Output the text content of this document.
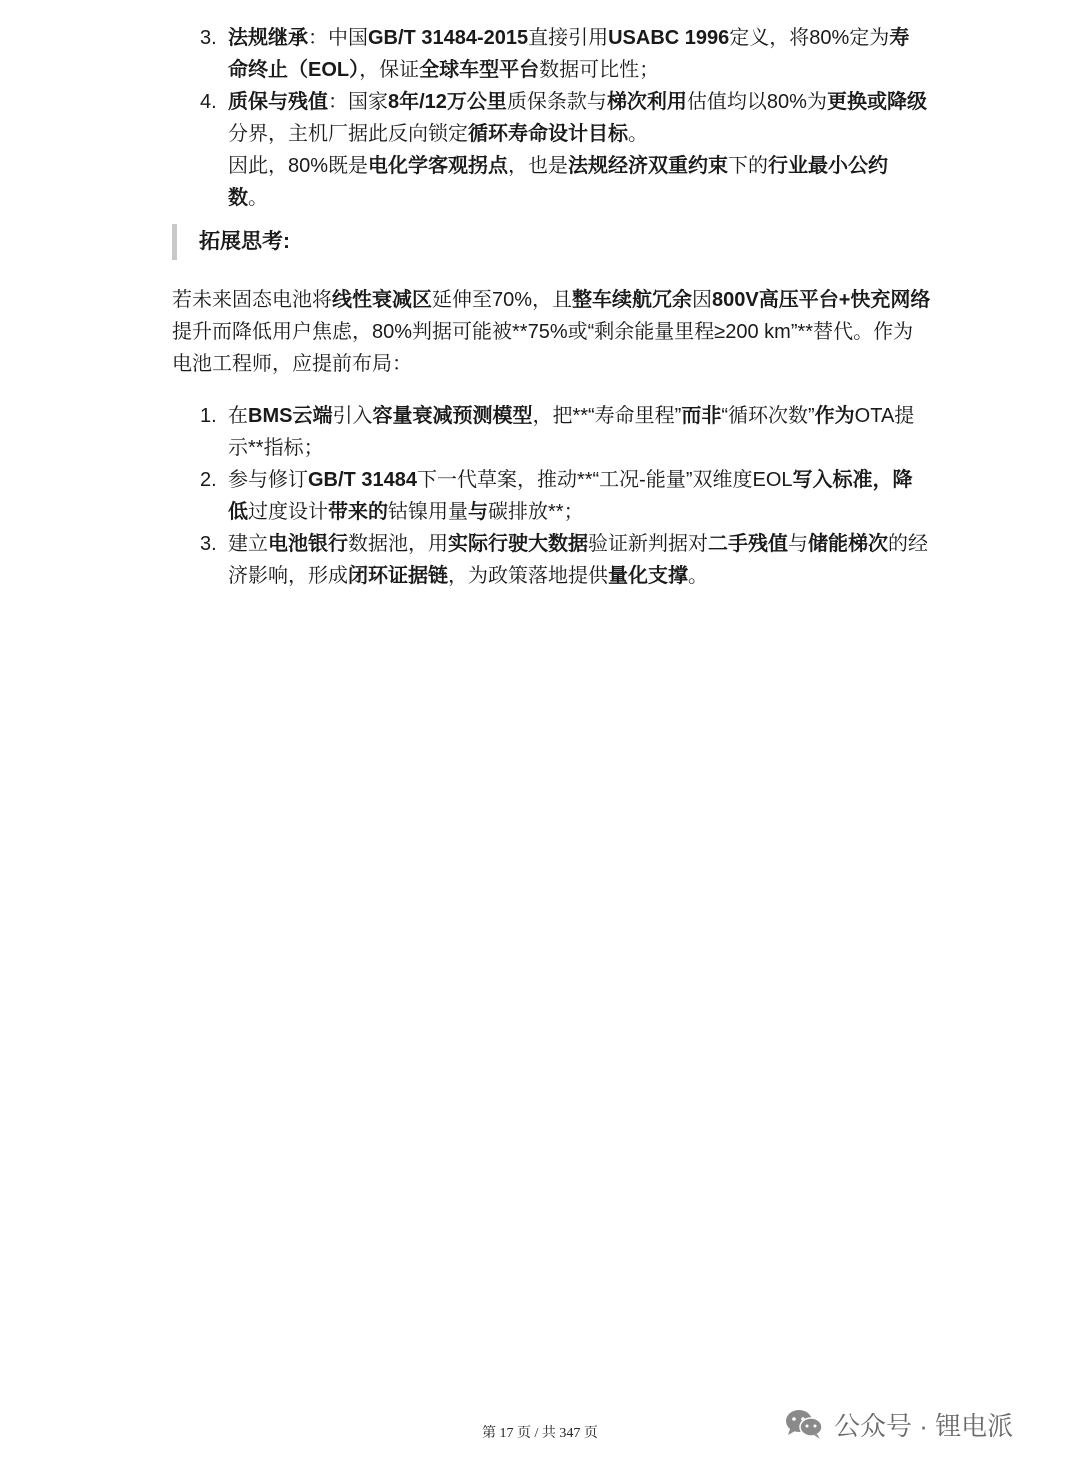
3. 法规继承：中国GB/T 31484-2015直接引用USABC 1996定义，将80%定为寿命终止（EOL），保证全球车型平台数据可比性；
4. 质保与残值：国家8年/12万公里质保条款与梯次利用估值均以80%为更换或降级分界，主机厂据此反向锁定循环寿命设计目标。
因此，80%既是电化学客观拐点，也是法规经济双重约束下的行业最小公约数。
拓展思考:

若未来固态电池将线性衰减区延伸至70%，且整车续航冗余因800V高压平台+快充网络提升而降低用户焦虑，80%判据可能被**75%或“剩余能量里程≥200 km”**替代。作为电池工程师，应提前布局：

1. 在BMS云端引入容量衰减预测模型，把**“寿命里程”而非“循环次数”作为OTA提示**指标；
2. 参与修订GB/T 31484下一代草案，推动**“工况-能量”双维度EOL写入标准，降低过度设计带来的钴镍用量与碳排放**；
3. 建立电池银行数据池，用实际行驶大数据验证新判据对二手残值与储能梯次的经济影响，形成闭环证据链，为政策落地提供量化支撑。
第 17 页 / 共 347 页	公众号 · 锂电派
